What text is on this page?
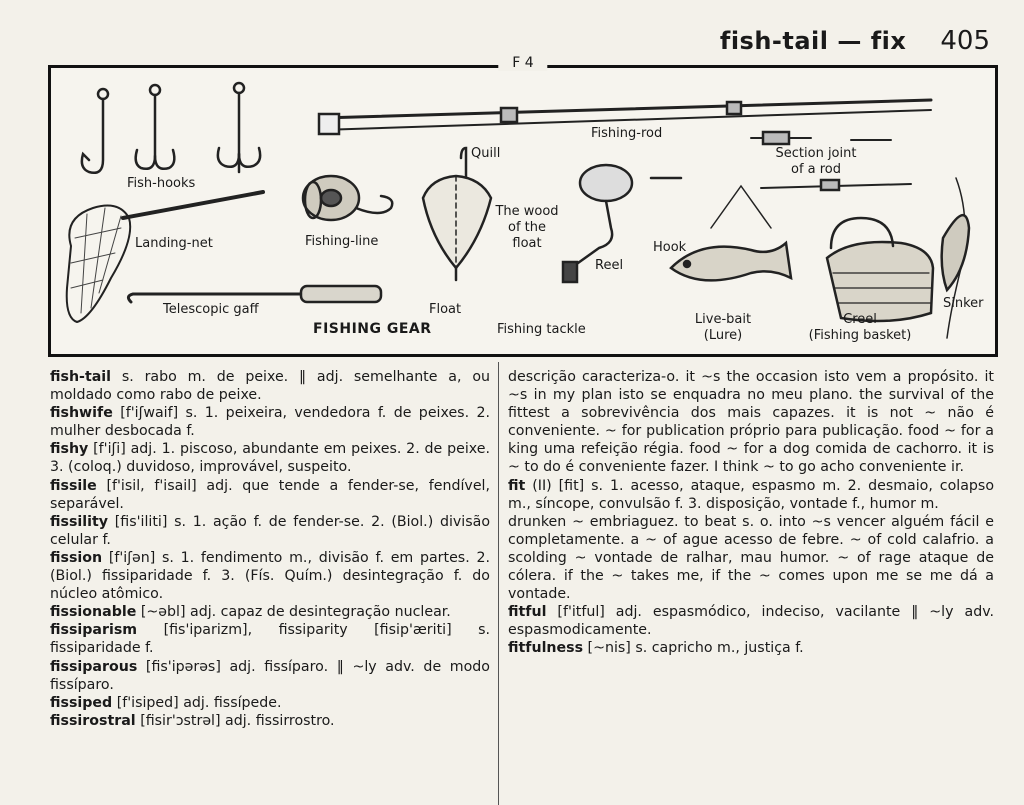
fish-tail — fix 405
F 4
Fish-hooks
Landing-net
Telescopic gaff
Fishing-line
Quill
The wood
of the
float
Float
FISHING GEAR	Fishing tackle
Fishing-rod
Reel
Hook
Section joint
of a rod
Live-bait
(Lure)
Creel
(Fishing basket)
Sinker
fish-tail s. rabo m. de peixe. ‖ adj. semelhante a, ou moldado como rabo de peixe.
fishwife [f'iʃwaif] s. 1. peixeira, vendedora f. de peixes. 2. mulher desbocada f.
fishy [f'iʃi] adj. 1. piscoso, abundante em peixes. 2. de peixe. 3. (coloq.) duvidoso, improvável, suspeito.
fissile [f'isil, f'isail] adj. que tende a fender-se, fendível, separável.
fissility [fis'iliti] s. 1. ação f. de fender-se. 2. (Biol.) divisão celular f.
fission [f'iʃən] s. 1. fendimento m., divisão f. em partes. 2. (Biol.) fissiparidade f. 3. (Fís. Quím.) desintegração f. do núcleo atômico.
fissionable [~əbl] adj. capaz de desintegração nuclear.
fissiparism [fis'iparizm], fissiparity [fisip'æriti] s. fissiparidade f.
fissiparous [fis'ipərəs] adj. fissíparo. ‖ ~ly adv. de modo fissíparo.
fissiped [f'isiped] adj. fissípede.
fissirostral [fisir'ɔstrəl] adj. fissirrostro.
descrição caracteriza-o. it ~s the occasion isto vem a propósito. it ~s in my plan isto se enquadra no meu plano. the survival of the fittest a sobrevivência dos mais capazes. it is not ~ não é conveniente. ~ for publication próprio para publicação. food ~ for a king uma refeição régia. food ~ for a dog comida de cachorro. it is ~ to do é conveniente fazer. I think ~ to go acho conveniente ir.
fit (II) [fit] s. 1. acesso, ataque, espasmo m. 2. desmaio, colapso m., síncope, convulsão f. 3. disposição, vontade f., humor m.
drunken ~ embriaguez. to beat s. o. into ~s vencer alguém fácil e completamente. a ~ of ague acesso de febre. ~ of cold calafrio. a scolding ~ vontade de ralhar, mau humor. ~ of rage ataque de cólera. if the ~ takes me, if the ~ comes upon me se me dá a vontade.
fitful [f'itful] adj. espasmódico, indeciso, vacilante ‖ ~ly adv. espasmodicamente.
fitfulness [~nis] s. capricho m., justiça f.
